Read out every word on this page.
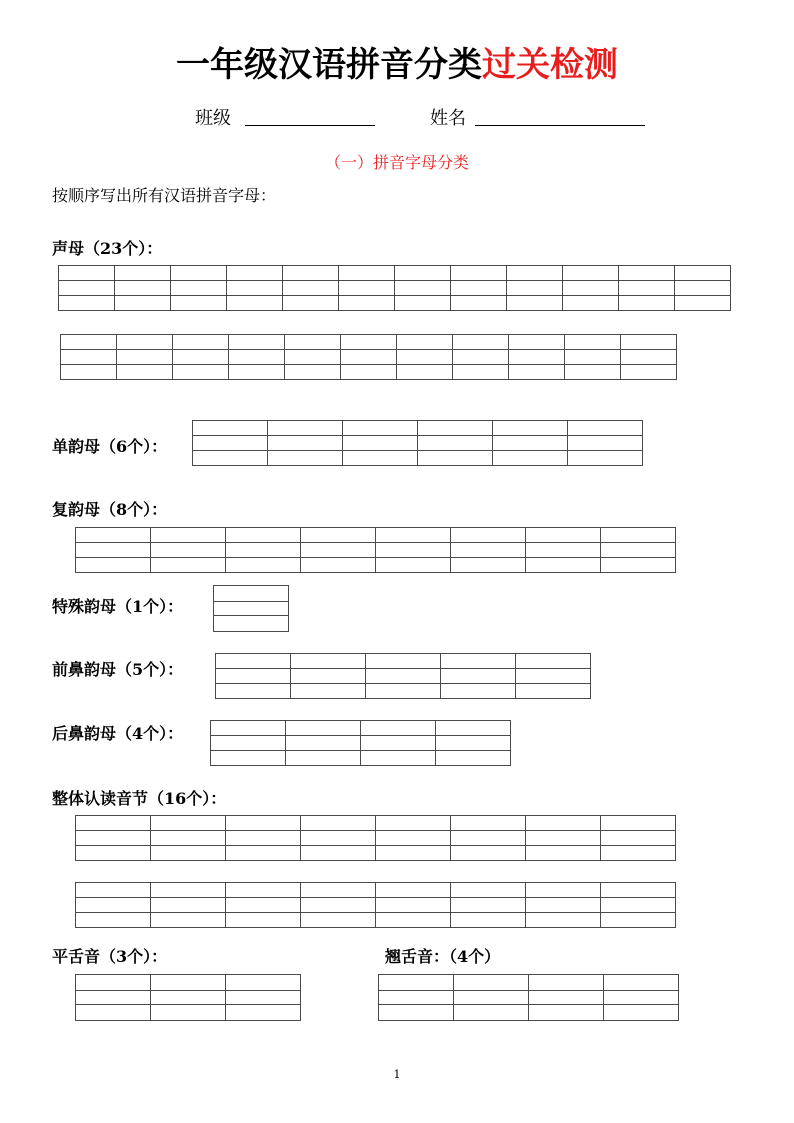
一年级汉语拼音分类过关检测
班级	姓名
（一）拼音字母分类
按顺序写出所有汉语拼音字母：
声母（23个）：
单韵母（6个）：
复韵母（8个）：
特殊韵母（1个）：
前鼻韵母（5个）：
后鼻韵母（4个）：
整体认读音节（16个）：
平舌音（3个）：	翘舌音：（4个）
1
